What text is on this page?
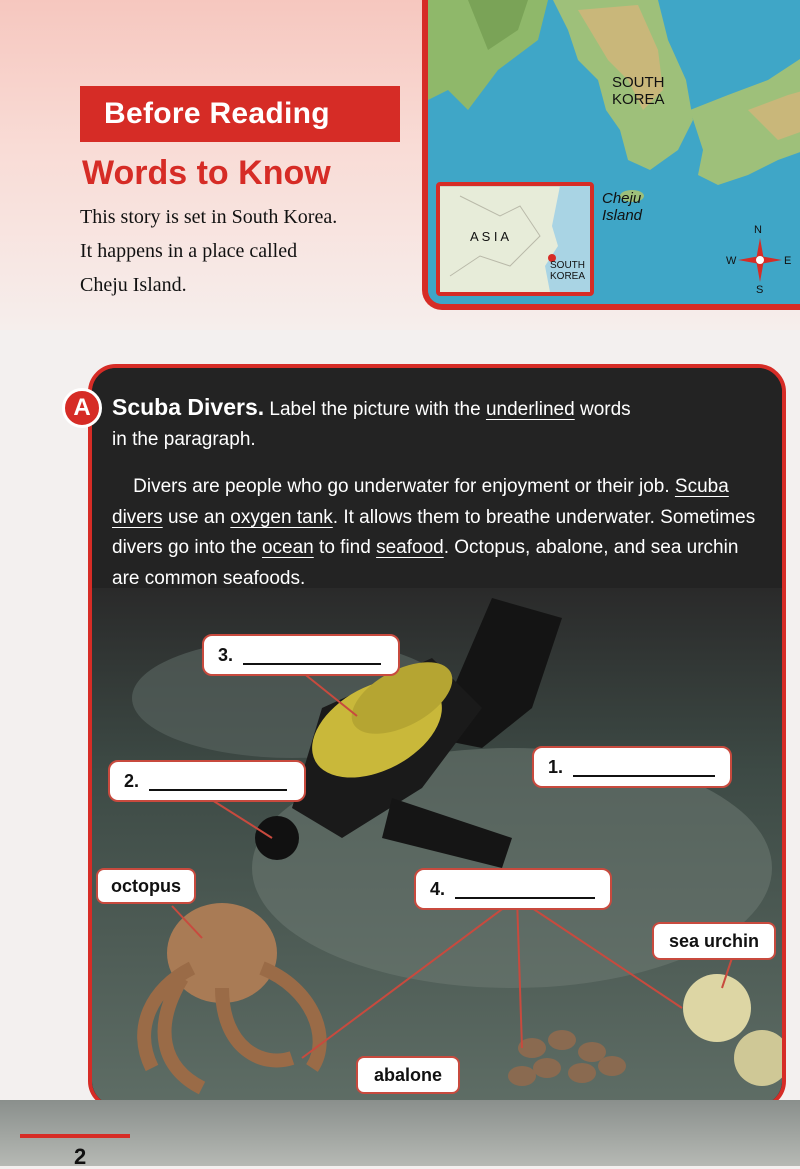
Before Reading
Words to Know
This story is set in South Korea.
It happens in a place called
Cheju Island.
SOUTH
KOREA
Cheju
Island
A S I A
SOUTH
KOREA
N
S
W	E
A Scuba Divers. Label the picture with the underlined words
in the paragraph.
Divers are people who go underwater for enjoyment or their job. Scuba divers use an oxygen tank. It allows them to breathe underwater. Sometimes divers go into the ocean to find seafood. Octopus, abalone, and sea urchin are common seafoods.
3.
1.
2.
4.
octopus
sea urchin
abalone
2
